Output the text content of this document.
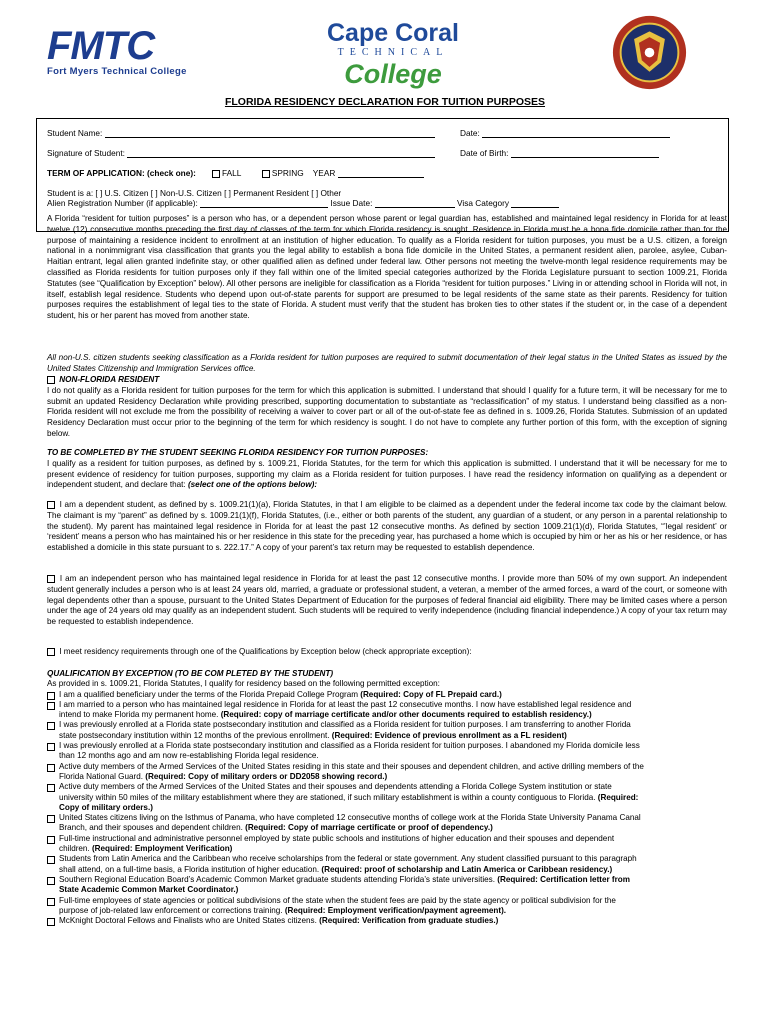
FMTC
Fort Myers Technical College
Cape Coral
TECHNICAL
College
FLORIDA RESIDENCY DECLARATION FOR TUITION PURPOSES
Student Name:	Date:
Signature of Student:	Date of Birth:
TERM OF APPLICATION: (check one):	FALL	SPRING YEAR
Student is a: [ ] U.S. Citizen [ ] Non-U.S. Citizen [ ] Permanent Resident [ ] Other
Alien Registration Number (if applicable):	Issue Date:	Visa Category
A Florida “resident for tuition purposes” is a person who has, or a dependent person whose parent or legal guardian has, established and maintained legal residency in Florida for at least twelve (12) consecutive months preceding the first day of classes of the term for which Florida residency is sought. Residence in Florida must be a bona fide domicile rather than for the purpose of maintaining a residence incident to enrollment at an institution of higher education. To qualify as a Florida resident for tuition purposes, you must be a U.S. citizen, a foreign national in a nonimmigrant visa classification that grants you the legal ability to establish a bona fide domicile in the United States, a permanent resident alien, parolee, asylee, Cuban-Haitian entrant, legal alien granted indefinite stay, or other qualified alien as defined under federal law. Other persons not meeting the twelve-month legal residence requirements may be classified as Florida residents for tuition purposes only if they fall within one of the limited special categories authorized by the Florida Legislature pursuant to section 1009.21, Florida Statutes (see “Qualification by Exception” below). All other persons are ineligible for classification as a Florida “resident for tuition purposes.” Living in or attending school in Florida will not, in itself, establish legal residence. Students who depend upon out-of-state parents for support are presumed to be legal residents of the same state as their parents. Residency for tuition purposes requires the establishment of legal ties to the state of Florida. A student must verify that the student has broken ties to other states if the student or, in the case of a dependent student, his or her parent has moved from another state.
All non-U.S. citizen students seeking classification as a Florida resident for tuition purposes are required to submit documentation of their legal status in the United States as issued by the United States Citizenship and Immigration Services office.

NON-FLORIDA RESIDENT

I do not qualify as a Florida resident for tuition purposes for the term for which this application is submitted. I understand that should I qualify for a future term, it will be necessary for me to submit an updated Residency Declaration while providing prescribed, supporting documentation to substantiate as “reclassification” of my status. I understand being classified as a non-Florida resident will not exclude me from the possibility of receiving a waiver to cover part or all of the out-of-state fee as defined in s. 1009.26, Florida Statutes. Submission of an updated Residency Declaration must occur prior to the beginning of the term for which residency is sought. I do not have to complete any further portion of this form, with the exception of signing below.

TO BE COMPLETED BY THE STUDENT SEEKING FLORIDA RESIDENCY FOR TUITION PURPOSES:

I qualify as a resident for tuition purposes, as defined by s. 1009.21, Florida Statutes, for the term for which this application is submitted. I understand that it will be necessary for me to present evidence of residency for tuition purposes, supporting my claim as a Florida resident for tuition purposes. I have read the residency information on qualifying as a dependent or independent student, and declare that: (select one of the options below):

I am a dependent student, as defined by s. 1009.21(1)(a), Florida Statutes, in that I am eligible to be claimed as a dependent under the federal income tax code by the claimant below. The claimant is my “parent” as defined by s. 1009.21(1)(f), Florida Statutes, (i.e., either or both parents of the student, any guardian of a student, or any person in a parental relationship to the student). My parent has maintained legal residence in Florida for at least the past 12 consecutive months. As defined by section 1009.21(1)(d), Florida Statutes, “’legal resident’ or ‘resident’ means a person who has maintained his or her residence in this state for the preceding year, has purchased a home which is occupied by him or her as his or her residence, or has established a domicile in this state pursuant to s. 222.17.” A copy of your parent’s tax return may be requested to establish dependence.

I am an independent person who has maintained legal residence in Florida for at least the past 12 consecutive months. I provide more than 50% of my own support. An independent student generally includes a person who is at least 24 years old, married, a graduate or professional student, a veteran, a member of the armed forces, a ward of the court, or someone with legal dependents other than a spouse, pursuant to the United States Department of Education for the purposes of federal financial aid eligibility. There may be limited cases where a person under the age of 24 years old may qualify as an independent student. Such students will be required to verify independence (including financial independence.) A copy of your tax return may be requested to establish independence.

I meet residency requirements through one of the Qualifications by Exception below (check appropriate exception):

QUALIFICATION BY EXCEPTION (TO BE COM PLETED BY THE STUDENT)
As provided in s. 1009.21, Florida Statutes, I qualify for residency based on the following permitted exception:
I am a qualified beneficiary under the terms of the Florida Prepaid College Program (Required: Copy of FL Prepaid card.)
I am married to a person who has maintained legal residence in Florida for at least the past 12 consecutive months. I now have established legal residence and intend to make Florida my permanent home. (Required: copy of marriage certificate and/or other documents required to establish residency.)
I was previously enrolled at a Florida state postsecondary institution and classified as a Florida resident for tuition purposes. I am transferring to another Florida state postsecondary institution within 12 months of the previous enrollment. (Required: Evidence of previous enrollment as a FL resident)
I was previously enrolled at a Florida state postsecondary institution and classified as a Florida resident for tuition purposes. I abandoned my Florida domicile less than 12 months ago and am now re-establishing Florida legal residence.
Active duty members of the Armed Services of the United States residing in this state and their spouses and dependent children, and active drilling members of the Florida National Guard. (Required: Copy of military orders or DD2058 showing record.)
Active duty members of the Armed Services of the United States and their spouses and dependents attending a Florida College System institution or state university within 50 miles of the military establishment where they are stationed, if such military establishment is within a county contiguous to Florida. (Required: Copy of military orders.)
United States citizens living on the Isthmus of Panama, who have completed 12 consecutive months of college work at the Florida State University Panama Canal Branch, and their spouses and dependent children. (Required: Copy of marriage certificate or proof of dependency.)
Full-time instructional and administrative personnel employed by state public schools and institutions of higher education and their spouses and dependent children. (Required: Employment Verification)
Students from Latin America and the Caribbean who receive scholarships from the federal or state government. Any student classified pursuant to this paragraph shall attend, on a full-time basis, a Florida institution of higher education. (Required: proof of scholarship and Latin America or Caribbean residency.)
Southern Regional Education Board’s Academic Common Market graduate students attending Florida’s state universities. (Required: Certification letter from State Academic Common Market Coordinator.)
Full-time employees of state agencies or political subdivisions of the state when the student fees are paid by the state agency or political subdivision for the purpose of job-related law enforcement or corrections training. (Required: Employment verification/payment agreement).
McKnight Doctoral Fellows and Finalists who are United States citizens. (Required: Verification from graduate studies.)
